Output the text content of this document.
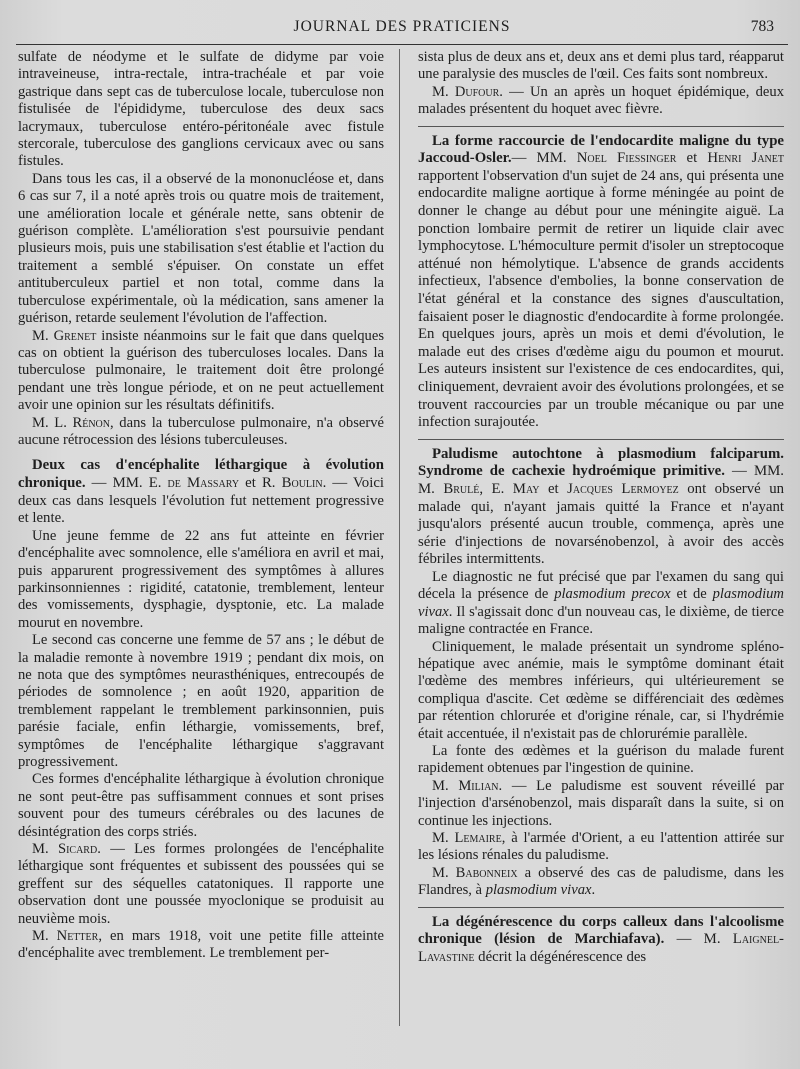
JOURNAL DES PRATICIENS	783

sulfate de néodyme et le sulfate de didyme par voie intraveineuse, intra-rectale, intra-trachéale et par voie gastrique dans sept cas de tuberculose locale, tuberculose non fistulisée de l'épididyme, tuberculose des deux sacs lacrymaux, tuberculose entéro-péritonéale avec fistule stercorale, tuberculose des ganglions cervicaux avec ou sans fistules.

Dans tous les cas, il a observé de la mononucléose et, dans 6 cas sur 7, il a noté après trois ou quatre mois de traitement, une amélioration locale et générale nette, sans obtenir de guérison complète. L'amélioration s'est poursuivie pendant plusieurs mois, puis une stabilisation s'est établie et l'action du traitement a semblé s'épuiser. On constate un effet antituberculeux partiel et non total, comme dans la tuberculose expérimentale, où la médication, sans amener la guérison, retarde seulement l'évolution de l'affection.

M. Grenet insiste néanmoins sur le fait que dans quelques cas on obtient la guérison des tuberculoses locales. Dans la tuberculose pulmonaire, le traitement doit être prolongé pendant une très longue période, et on ne peut actuellement avoir une opinion sur les résultats définitifs.

M. L. Rénon, dans la tuberculose pulmonaire, n'a observé aucune rétrocession des lésions tuberculeuses.

Deux cas d'encéphalite léthargique à évolution chronique. — MM. E. de Massary et R. Boulin. — Voici deux cas dans lesquels l'évolution fut nettement progressive et lente.

Une jeune femme de 22 ans fut atteinte en février d'encéphalite avec somnolence, elle s'améliora en avril et mai, puis apparurent progressivement des symptômes à allures parkinsonniennes : rigidité, catatonie, tremblement, lenteur des vomissements, dysphagie, dysptonie, etc. La malade mourut en novembre.

Le second cas concerne une femme de 57 ans ; le début de la maladie remonte à novembre 1919 ; pendant dix mois, on ne nota que des symptômes neurasthéniques, entrecoupés de périodes de somnolence ; en août 1920, apparition de tremblement rappelant le tremblement parkinsonnien, puis parésie faciale, enfin léthargie, vomissements, bref, symptômes de l'encéphalite léthargique s'aggravant progressivement.

Ces formes d'encéphalite léthargique à évolution chronique ne sont peut-être pas suffisamment connues et sont prises souvent pour des tumeurs cérébrales ou des lacunes de désintégration des corps striés.

M. Sicard. — Les formes prolongées de l'encéphalite léthargique sont fréquentes et subissent des poussées qui se greffent sur des séquelles catatoniques. Il rapporte une observation dont une poussée myoclonique se produisit au neuvième mois.

M. Netter, en mars 1918, voit une petite fille atteinte d'encéphalite avec tremblement. Le tremblement per-

sista plus de deux ans et, deux ans et demi plus tard, réapparut une paralysie des muscles de l'œil. Ces faits sont nombreux.

M. Dufour. — Un an après un hoquet épidémique, deux malades présentent du hoquet avec fièvre.

La forme raccourcie de l'endocardite maligne du type Jaccoud-Osler.— MM. Noel Fiessinger et Henri Janet rapportent l'observation d'un sujet de 24 ans, qui présenta une endocardite maligne aortique à forme méningée au point de donner le change au début pour une méningite aiguë. La ponction lombaire permit de retirer un liquide clair avec lymphocytose. L'hémoculture permit d'isoler un streptocoque atténué non hémolytique. L'absence de grands accidents infectieux, l'absence d'embolies, la bonne conservation de l'état général et la constance des signes d'auscultation, faisaient poser le diagnostic d'endocardite à forme prolongée. En quelques jours, après un mois et demi d'évolution, le malade eut des crises d'œdème aigu du poumon et mourut. Les auteurs insistent sur l'existence de ces endocardites, qui, cliniquement, devraient avoir des évolutions prolongées, et se trouvent raccourcies par un trouble mécanique ou par une infection surajoutée.

Paludisme autochtone à plasmodium falciparum. Syndrome de cachexie hydroémique primitive. — MM. M. Brulé, E. May et Jacques Lermoyez ont observé un malade qui, n'ayant jamais quitté la France et n'ayant jusqu'alors présenté aucun trouble, commença, après une série d'injections de novarsénobenzol, à avoir des accès fébriles intermittents.

Le diagnostic ne fut précisé que par l'examen du sang qui décela la présence de plasmodium precox et de plasmodium vivax. Il s'agissait donc d'un nouveau cas, le dixième, de tierce maligne contractée en France.

Cliniquement, le malade présentait un syndrome spléno-hépatique avec anémie, mais le symptôme dominant était l'œdème des membres inférieurs, qui ultérieurement se compliqua d'ascite. Cet œdème se différenciait des œdèmes par rétention chlorurée et d'origine rénale, car, si l'hydrémie était accentuée, il n'existait pas de chlorurémie parallèle.

La fonte des œdèmes et la guérison du malade furent rapidement obtenues par l'ingestion de quinine.

M. Milian. — Le paludisme est souvent réveillé par l'injection d'arsénobenzol, mais disparaît dans la suite, si on continue les injections.

M. Lemaire, à l'armée d'Orient, a eu l'attention attirée sur les lésions rénales du paludisme.

M. Babonneix a observé des cas de paludisme, dans les Flandres, à plasmodium vivax.

La dégénérescence du corps calleux dans l'alcoolisme chronique (lésion de Marchiafava). — M. Laignel-Lavastine décrit la dégénérescence des
